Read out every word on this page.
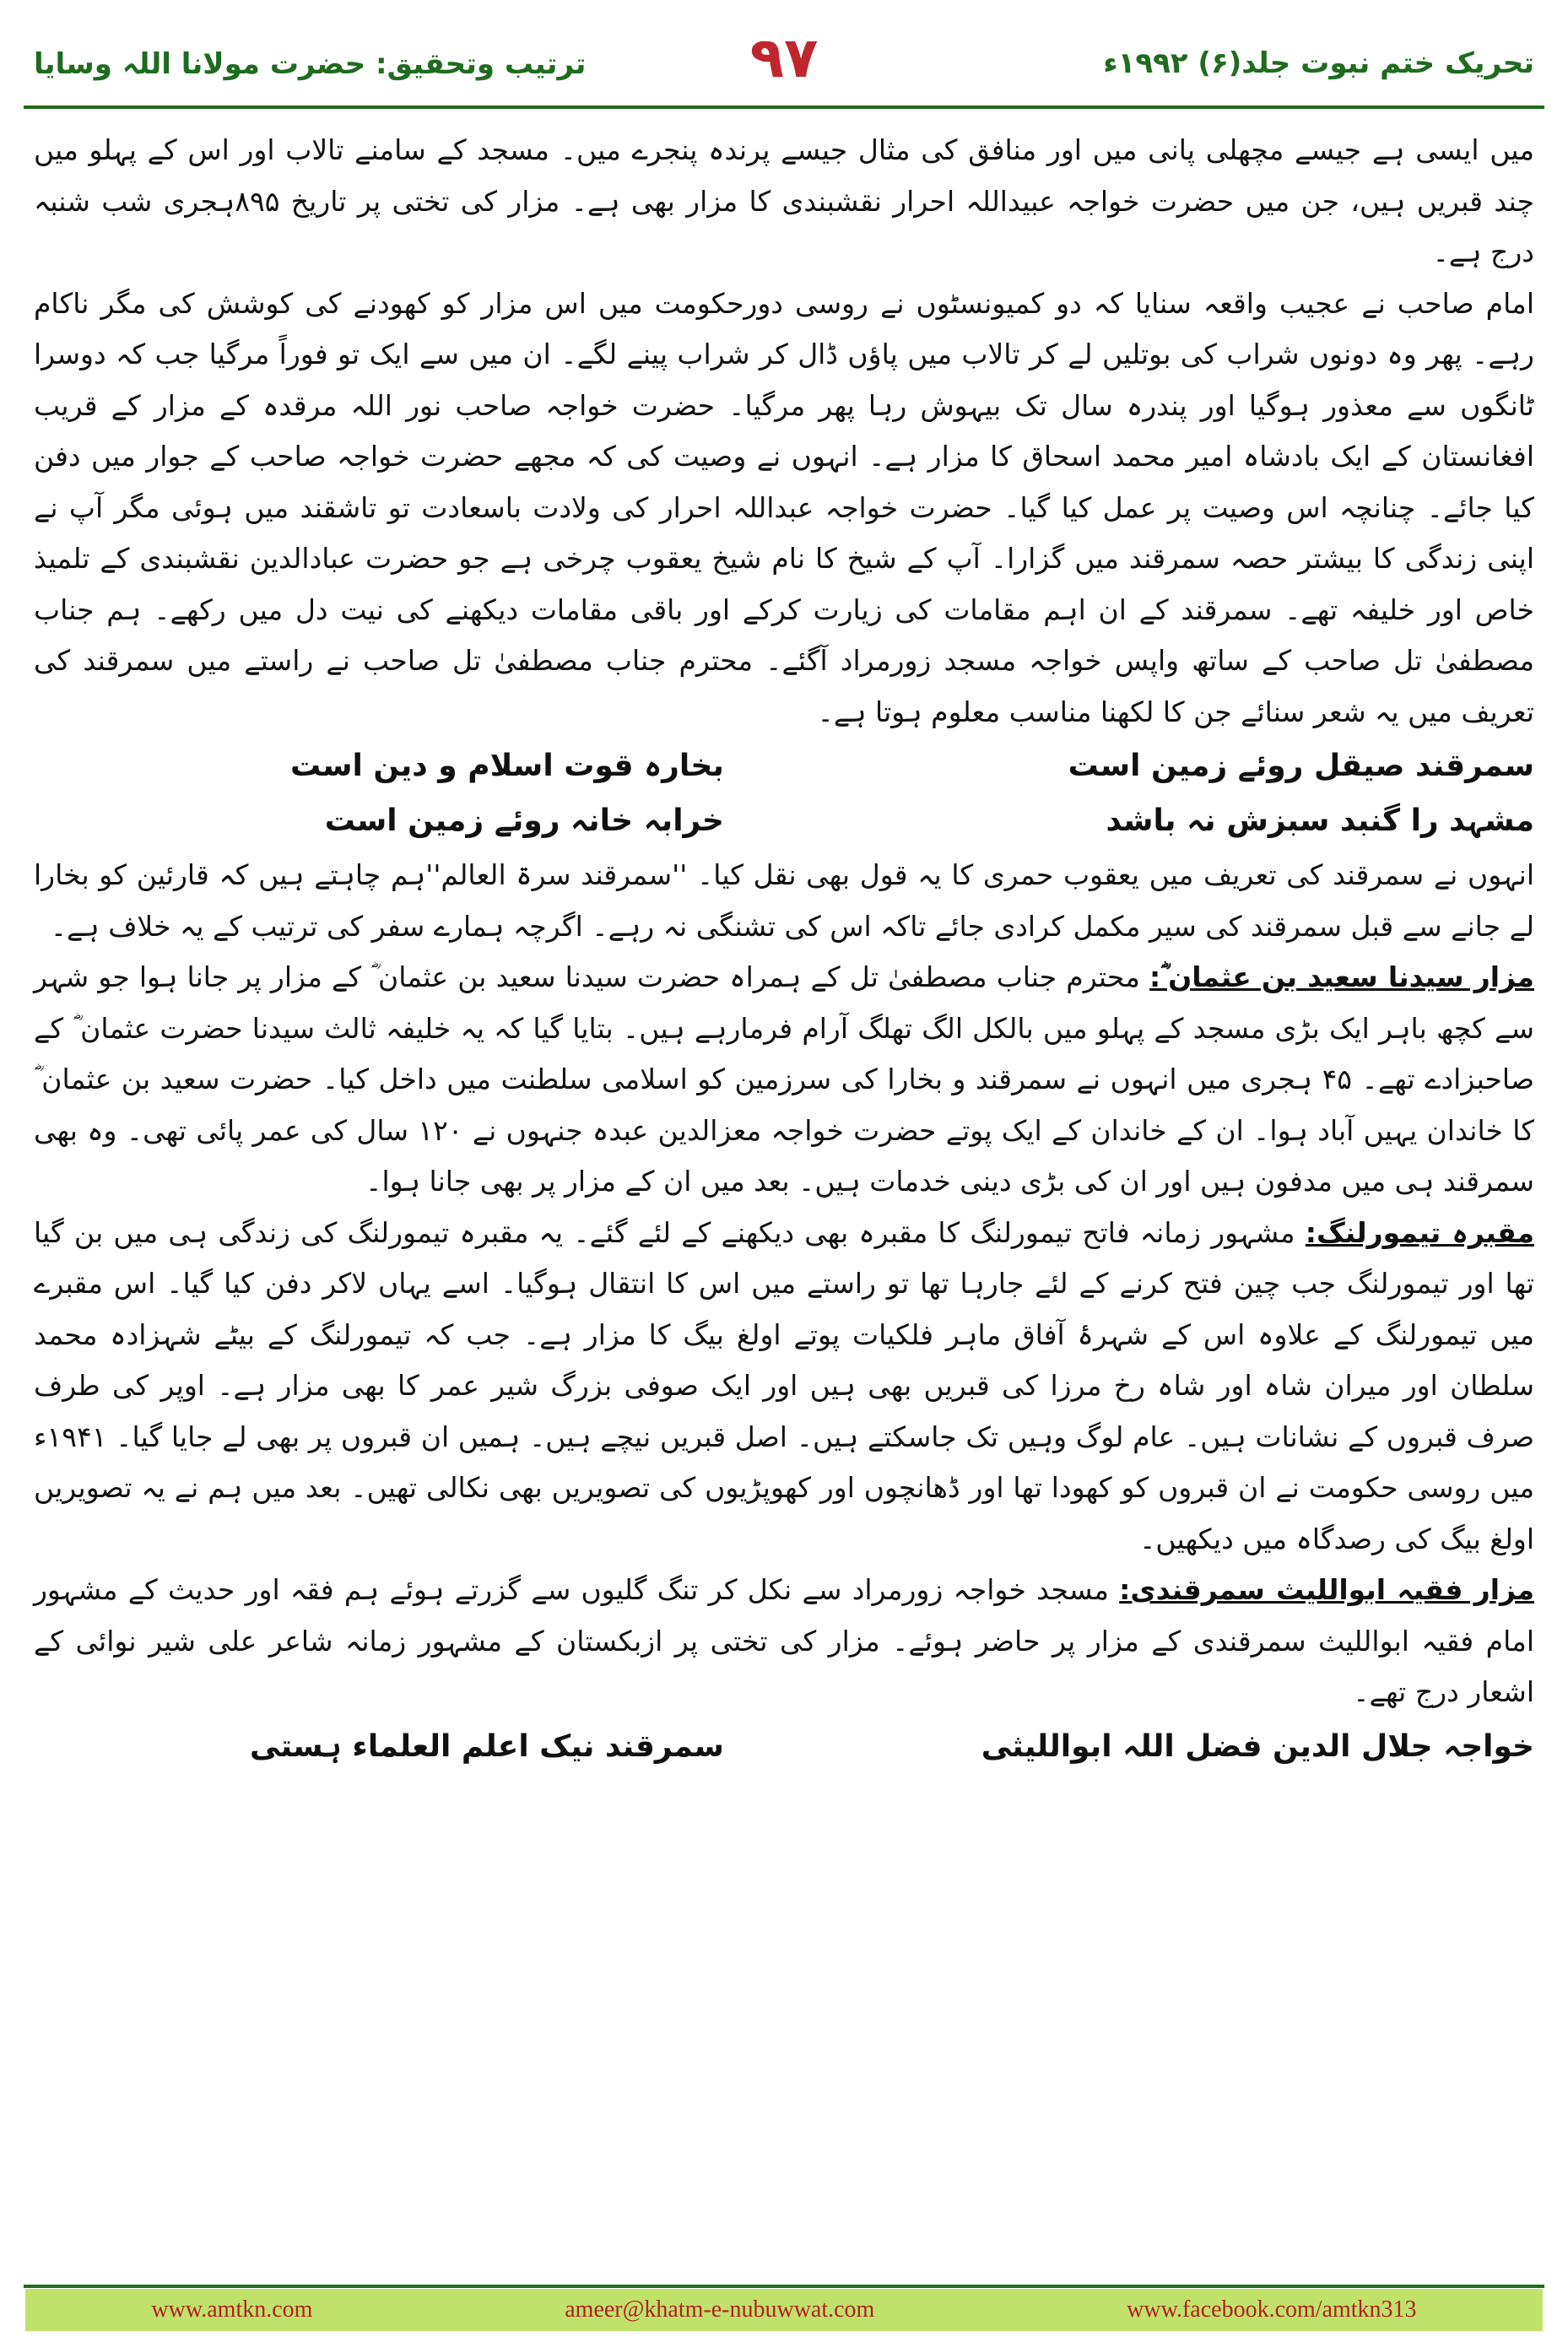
ترتیب وتحقیق: حضرت مولانا اللہ وسایا	۹۷	تحریک ختم نبوت جلد(۶) ۱۹۹۲ء

میں ایسی ہے جیسے مچھلی پانی میں اور منافق کی مثال جیسے پرندہ پنجرے میں۔ مسجد کے سامنے تالاب اور اس کے پہلو میں چند قبریں ہیں، جن میں حضرت خواجہ عبیداللہ احرار نقشبندی کا مزار بھی ہے۔ مزار کی تختی پر تاریخ ۸۹۵ہجری شب شنبہ درج ہے۔

امام صاحب نے عجیب واقعہ سنایا کہ دو کمیونسٹوں نے روسی دورحکومت میں اس مزار کو کھودنے کی کوشش کی مگر ناکام رہے۔ پھر وہ دونوں شراب کی بوتلیں لے کر تالاب میں پاؤں ڈال کر شراب پینے لگے۔ ان میں سے ایک تو فوراً مرگیا جب کہ دوسرا ٹانگوں سے معذور ہوگیا اور پندرہ سال تک بیہوش رہا پھر مرگیا۔ حضرت خواجہ صاحب نور اللہ مرقدہ کے مزار کے قریب افغانستان کے ایک بادشاہ امیر محمد اسحاق کا مزار ہے۔ انہوں نے وصیت کی کہ مجھے حضرت خواجہ صاحب کے جوار میں دفن کیا جائے۔ چنانچہ اس وصیت پر عمل کیا گیا۔ حضرت خواجہ عبداللہ احرار کی ولادت باسعادت تو تاشقند میں ہوئی مگر آپ نے اپنی زندگی کا بیشتر حصہ سمرقند میں گزارا۔ آپ کے شیخ کا نام شیخ یعقوب چرخی ہے جو حضرت عبادالدین نقشبندی کے تلمیذ خاص اور خلیفہ تھے۔ سمرقند کے ان اہم مقامات کی زیارت کرکے اور باقی مقامات دیکھنے کی نیت دل میں رکھے۔ ہم جناب مصطفیٰ تل صاحب کے ساتھ واپس خواجہ مسجد زورمراد آگئے۔ محترم جناب مصطفیٰ تل صاحب نے راستے میں سمرقند کی تعریف میں یہ شعر سنائے جن کا لکھنا مناسب معلوم ہوتا ہے۔

سمرقند صیقل روئے زمین است
بخارہ قوت اسلام و دین است
مشہد را گنبد سبزش نہ باشد
خرابہ خانہ روئے زمین است

انہوں نے سمرقند کی تعریف میں یعقوب حمری کا یہ قول بھی نقل کیا۔ ''سمرقند سرۃ العالم''ہم چاہتے ہیں کہ قارئین کو بخارا لے جانے سے قبل سمرقند کی سیر مکمل کرادی جائے تاکہ اس کی تشنگی نہ رہے۔ اگرچہ ہمارے سفر کی ترتیب کے یہ خلاف ہے۔

مزار سیدنا سعید بن عثمان ؓ: محترم جناب مصطفیٰ تل کے ہمراہ حضرت سیدنا سعید بن عثمان ؓ کے مزار پر جانا ہوا جو شہر سے کچھ باہر ایک بڑی مسجد کے پہلو میں بالکل الگ تھلگ آرام فرمارہے ہیں۔ بتایا گیا کہ یہ خلیفہ ثالث سیدنا حضرت عثمان ؓ کے صاحبزادے تھے۔ ۴۵ ہجری میں انہوں نے سمرقند و بخارا کی سرزمین کو اسلامی سلطنت میں داخل کیا۔ حضرت سعید بن عثمان ؓ کا خاندان یہیں آباد ہوا۔ ان کے خاندان کے ایک پوتے حضرت خواجہ معزالدین عبدہ جنہوں نے ۱۲۰ سال کی عمر پائی تھی۔ وہ بھی سمرقند ہی میں مدفون ہیں اور ان کی بڑی دینی خدمات ہیں۔ بعد میں ان کے مزار پر بھی جانا ہوا۔

مقبرہ تیمورلنگ: مشہور زمانہ فاتح تیمورلنگ کا مقبرہ بھی دیکھنے کے لئے گئے۔ یہ مقبرہ تیمورلنگ کی زندگی ہی میں بن گیا تھا اور تیمورلنگ جب چین فتح کرنے کے لئے جارہا تھا تو راستے میں اس کا انتقال ہوگیا۔ اسے یہاں لاکر دفن کیا گیا۔ اس مقبرے میں تیمورلنگ کے علاوہ اس کے شہرۂ آفاق ماہر فلکیات پوتے اولغ بیگ کا مزار ہے۔ جب کہ تیمورلنگ کے بیٹے شہزادہ محمد سلطان اور میران شاہ اور شاہ رخ مرزا کی قبریں بھی ہیں اور ایک صوفی بزرگ شیر عمر کا بھی مزار ہے۔ اوپر کی طرف صرف قبروں کے نشانات ہیں۔ عام لوگ وہیں تک جاسکتے ہیں۔ اصل قبریں نیچے ہیں۔ ہمیں ان قبروں پر بھی لے جایا گیا۔ ۱۹۴۱ء میں روسی حکومت نے ان قبروں کو کھودا تھا اور ڈھانچوں اور کھوپڑیوں کی تصویریں بھی نکالی تھیں۔ بعد میں ہم نے یہ تصویریں اولغ بیگ کی رصدگاہ میں دیکھیں۔

مزار فقیہ ابواللیث سمرقندی: مسجد خواجہ زورمراد سے نکل کر تنگ گلیوں سے گزرتے ہوئے ہم فقہ اور حدیث کے مشہور امام فقیہ ابواللیث سمرقندی کے مزار پر حاضر ہوئے۔ مزار کی تختی پر ازبکستان کے مشہور زمانہ شاعر علی شیر نوائی کے اشعار درج تھے۔

خواجہ جلال الدین فضل اللہ ابواللیثی
سمرقند نیک اعلم العلماء ہستی
www.amtkn.com	ameer@khatm-e-nubuwwat.com	www.facebook.com/amtkn313
